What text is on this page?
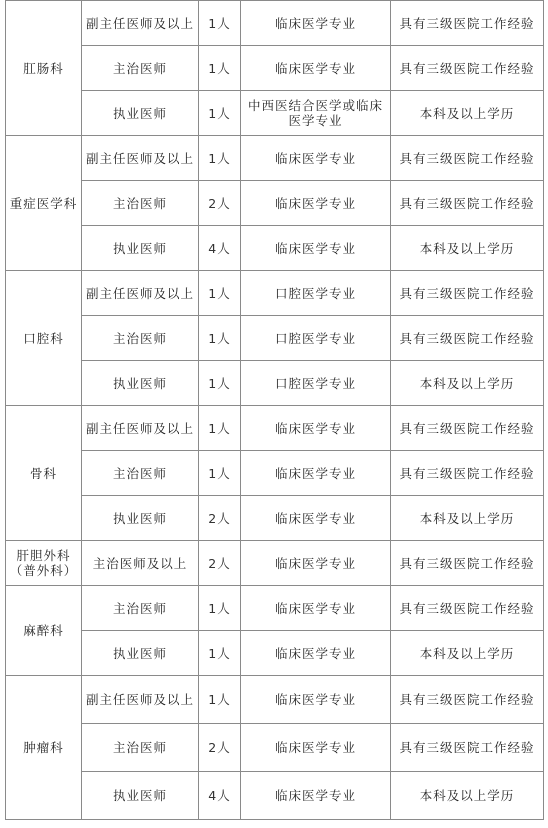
肛肠科	副主任医师及以上	1人	临床医学专业	具有三级医院工作经验
	主治医师	1人	临床医学专业	具有三级医院工作经验
	执业医师	1人	中西医结合医学或临床医学专业	本科及以上学历
重症医学科	副主任医师及以上	1人	临床医学专业	具有三级医院工作经验
	主治医师	2人	临床医学专业	具有三级医院工作经验
	执业医师	4人	临床医学专业	本科及以上学历
口腔科	副主任医师及以上	1人	口腔医学专业	具有三级医院工作经验
	主治医师	1人	口腔医学专业	具有三级医院工作经验
	执业医师	1人	口腔医学专业	本科及以上学历
骨科	副主任医师及以上	1人	临床医学专业	具有三级医院工作经验
	主治医师	1人	临床医学专业	具有三级医院工作经验
	执业医师	2人	临床医学专业	本科及以上学历
肝胆外科（普外科）	主治医师及以上	2人	临床医学专业	具有三级医院工作经验
麻醉科	主治医师	1人	临床医学专业	具有三级医院工作经验
	执业医师	1人	临床医学专业	本科及以上学历
肿瘤科	副主任医师及以上	1人	临床医学专业	具有三级医院工作经验
	主治医师	2人	临床医学专业	具有三级医院工作经验
	执业医师	4人	临床医学专业	本科及以上学历
